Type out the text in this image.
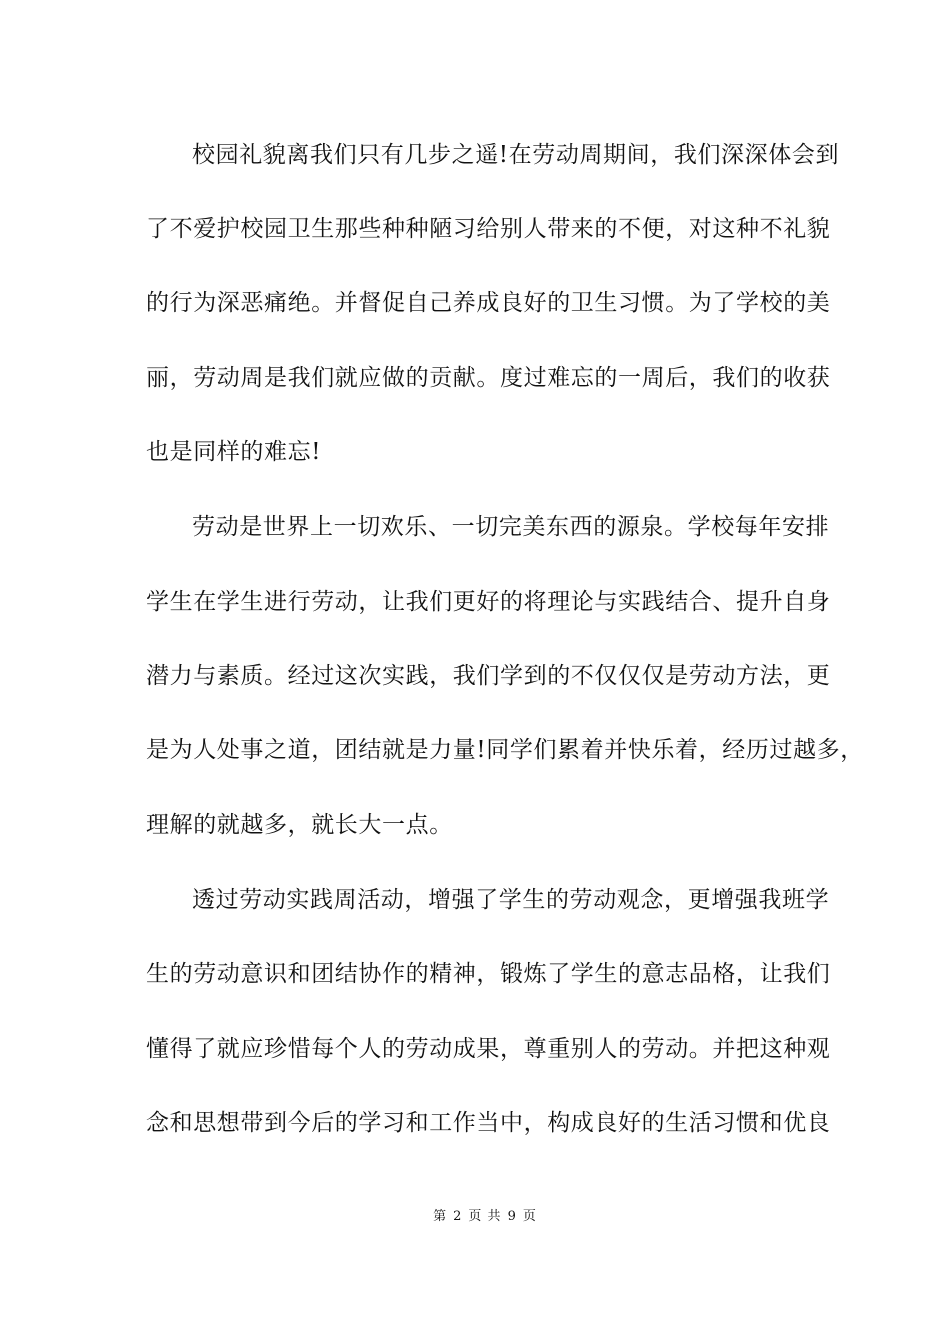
校园礼貌离我们只有几步之遥!在劳动周期间，我们深深体会到
了不爱护校园卫生那些种种陋习给别人带来的不便，对这种不礼貌
的行为深恶痛绝。并督促自己养成良好的卫生习惯。为了学校的美
丽，劳动周是我们就应做的贡献。度过难忘的一周后，我们的收获
也是同样的难忘!
劳动是世界上一切欢乐、一切完美东西的源泉。学校每年安排
学生在学生进行劳动，让我们更好的将理论与实践结合、提升自身
潜力与素质。经过这次实践，我们学到的不仅仅仅是劳动方法，更
是为人处事之道，团结就是力量!同学们累着并快乐着，经历过越多，
理解的就越多，就长大一点。
透过劳动实践周活动，增强了学生的劳动观念，更增强我班学
生的劳动意识和团结协作的精神，锻炼了学生的意志品格，让我们
懂得了就应珍惜每个人的劳动成果，尊重别人的劳动。并把这种观
念和思想带到今后的学习和工作当中，构成良好的生活习惯和优良
第 2 页 共 9 页
